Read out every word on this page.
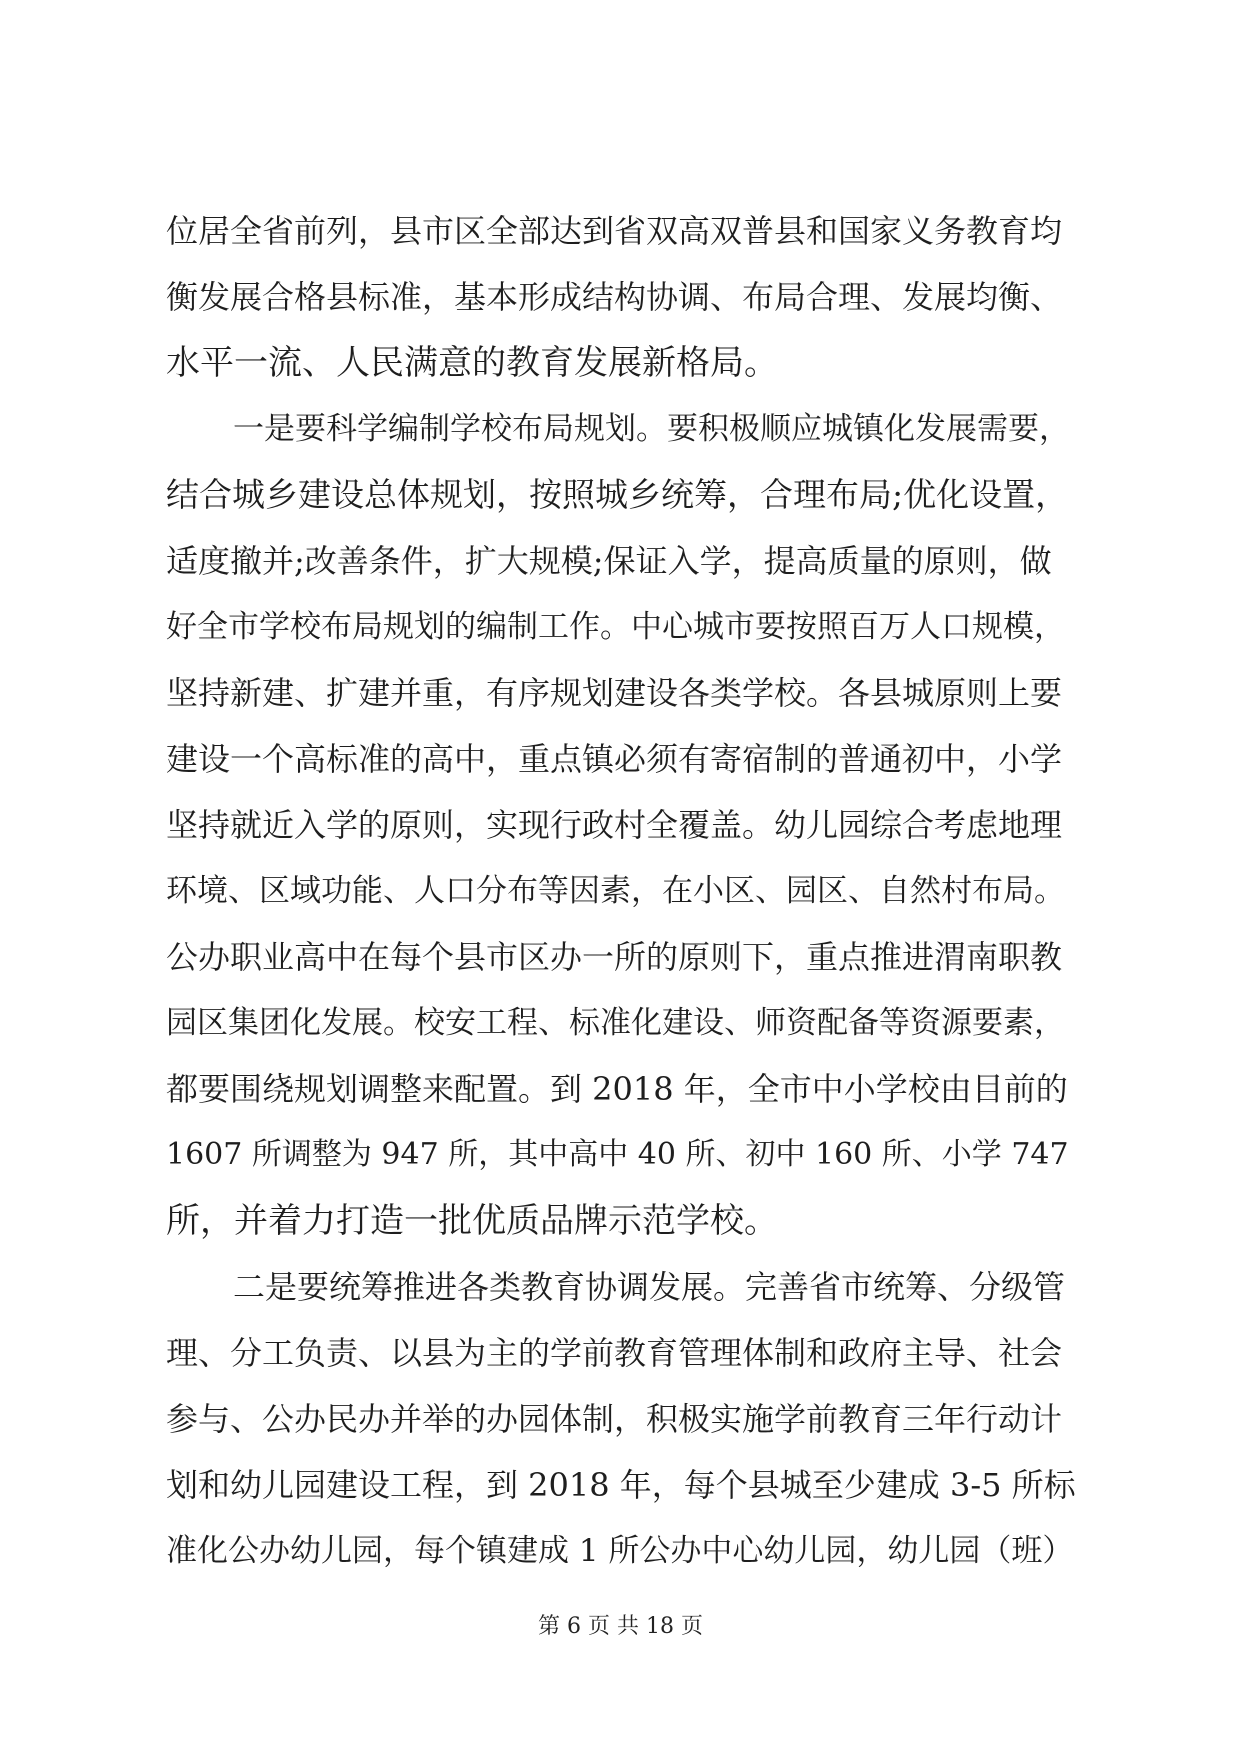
位居全省前列，县市区全部达到省双高双普县和国家义务教育均
衡发展合格县标准，基本形成结构协调、布局合理、发展均衡、
水平一流、人民满意的教育发展新格局。
一是要科学编制学校布局规划。要积极顺应城镇化发展需要，
结合城乡建设总体规划，按照城乡统筹，合理布局;优化设置，
适度撤并;改善条件，扩大规模;保证入学，提高质量的原则，做
好全市学校布局规划的编制工作。中心城市要按照百万人口规模，
坚持新建、扩建并重，有序规划建设各类学校。各县城原则上要
建设一个高标准的高中，重点镇必须有寄宿制的普通初中，小学
坚持就近入学的原则，实现行政村全覆盖。幼儿园综合考虑地理
环境、区域功能、人口分布等因素，在小区、园区、自然村布局。
公办职业高中在每个县市区办一所的原则下，重点推进渭南职教
园区集团化发展。校安工程、标准化建设、师资配备等资源要素，
都要围绕规划调整来配置。到 2018 年，全市中小学校由目前的
1607 所调整为 947 所，其中高中 40 所、初中 160 所、小学 747
所，并着力打造一批优质品牌示范学校。
二是要统筹推进各类教育协调发展。完善省市统筹、分级管
理、分工负责、以县为主的学前教育管理体制和政府主导、社会
参与、公办民办并举的办园体制，积极实施学前教育三年行动计
划和幼儿园建设工程，到 2018 年，每个县城至少建成 3-5 所标
准化公办幼儿园，每个镇建成 1 所公办中心幼儿园，幼儿园（班）
第 6 页 共 18 页
